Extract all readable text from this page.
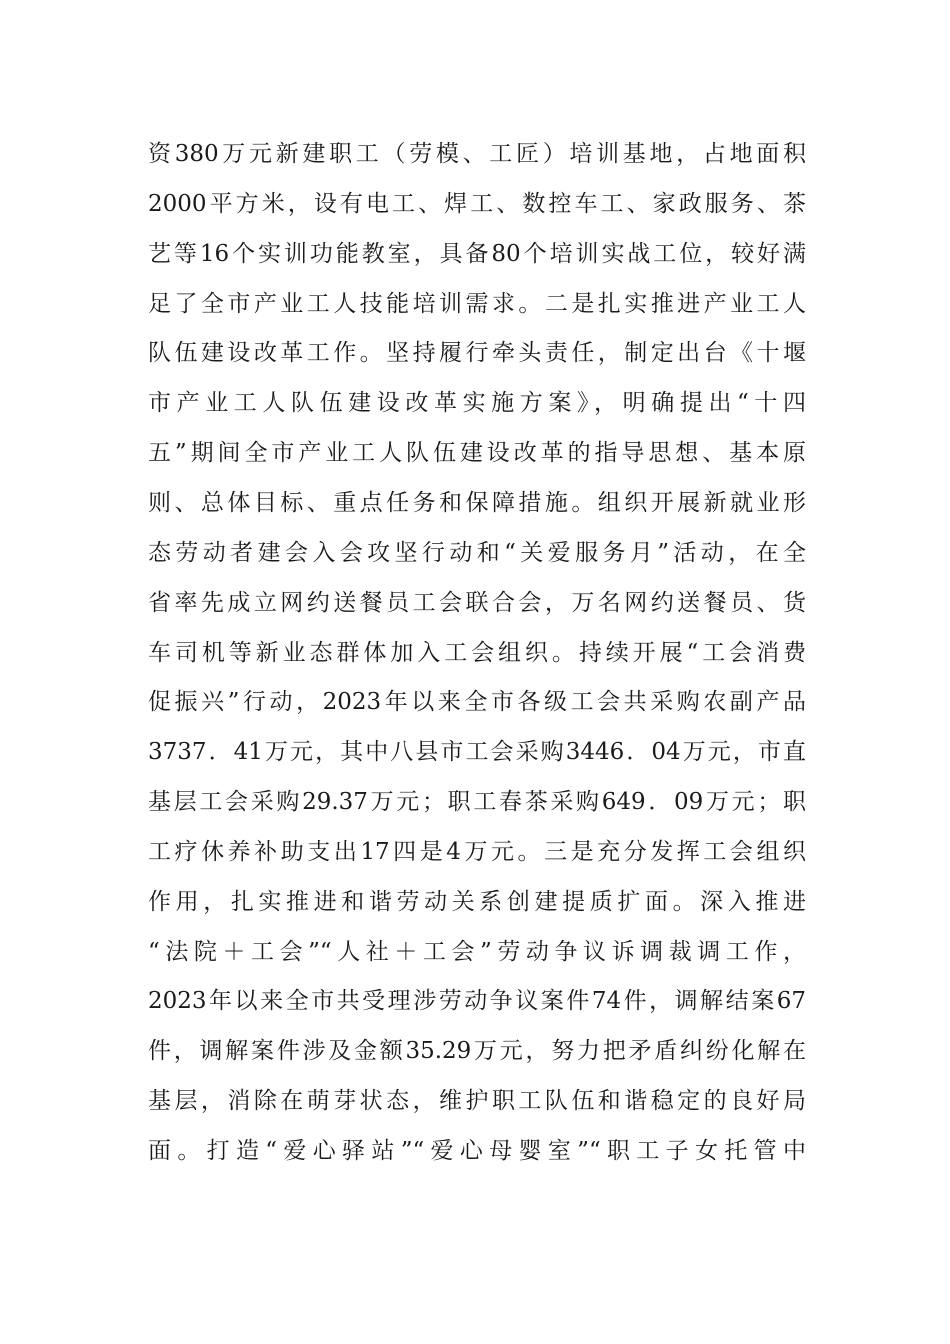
资380万元新建职工（劳模、工匠）培训基地，占地面积
2000平方米，设有电工、焊工、数控车工、家政服务、茶
艺等16个实训功能教室，具备80个培训实战工位，较好满
足了全市产业工人技能培训需求。二是扎实推进产业工人
队伍建设改革工作。坚持履行牵头责任，制定出台《十堰
市产业工人队伍建设改革实施方案》，明确提出“十四
五”期间全市产业工人队伍建设改革的指导思想、基本原
则、总体目标、重点任务和保障措施。组织开展新就业形
态劳动者建会入会攻坚行动和“关爱服务月”活动，在全
省率先成立网约送餐员工会联合会，万名网约送餐员、货
车司机等新业态群体加入工会组织。持续开展“工会消费
促振兴”行动，2023年以来全市各级工会共采购农副产品
3737．41万元，其中八县市工会采购3446．04万元，市直
基层工会采购29.37万元；职工春茶采购649．09万元；职
工疗休养补助支出17四是4万元。三是充分发挥工会组织
作用，扎实推进和谐劳动关系创建提质扩面。深入推进
“法院＋工会”“人社＋工会”劳动争议诉调裁调工作，
2023年以来全市共受理涉劳动争议案件74件，调解结案67
件，调解案件涉及金额35.29万元，努力把矛盾纠纷化解在
基层，消除在萌芽状态，维护职工队伍和谐稳定的良好局
面。打造“爱心驿站”“爱心母婴室”“职工子女托管中
